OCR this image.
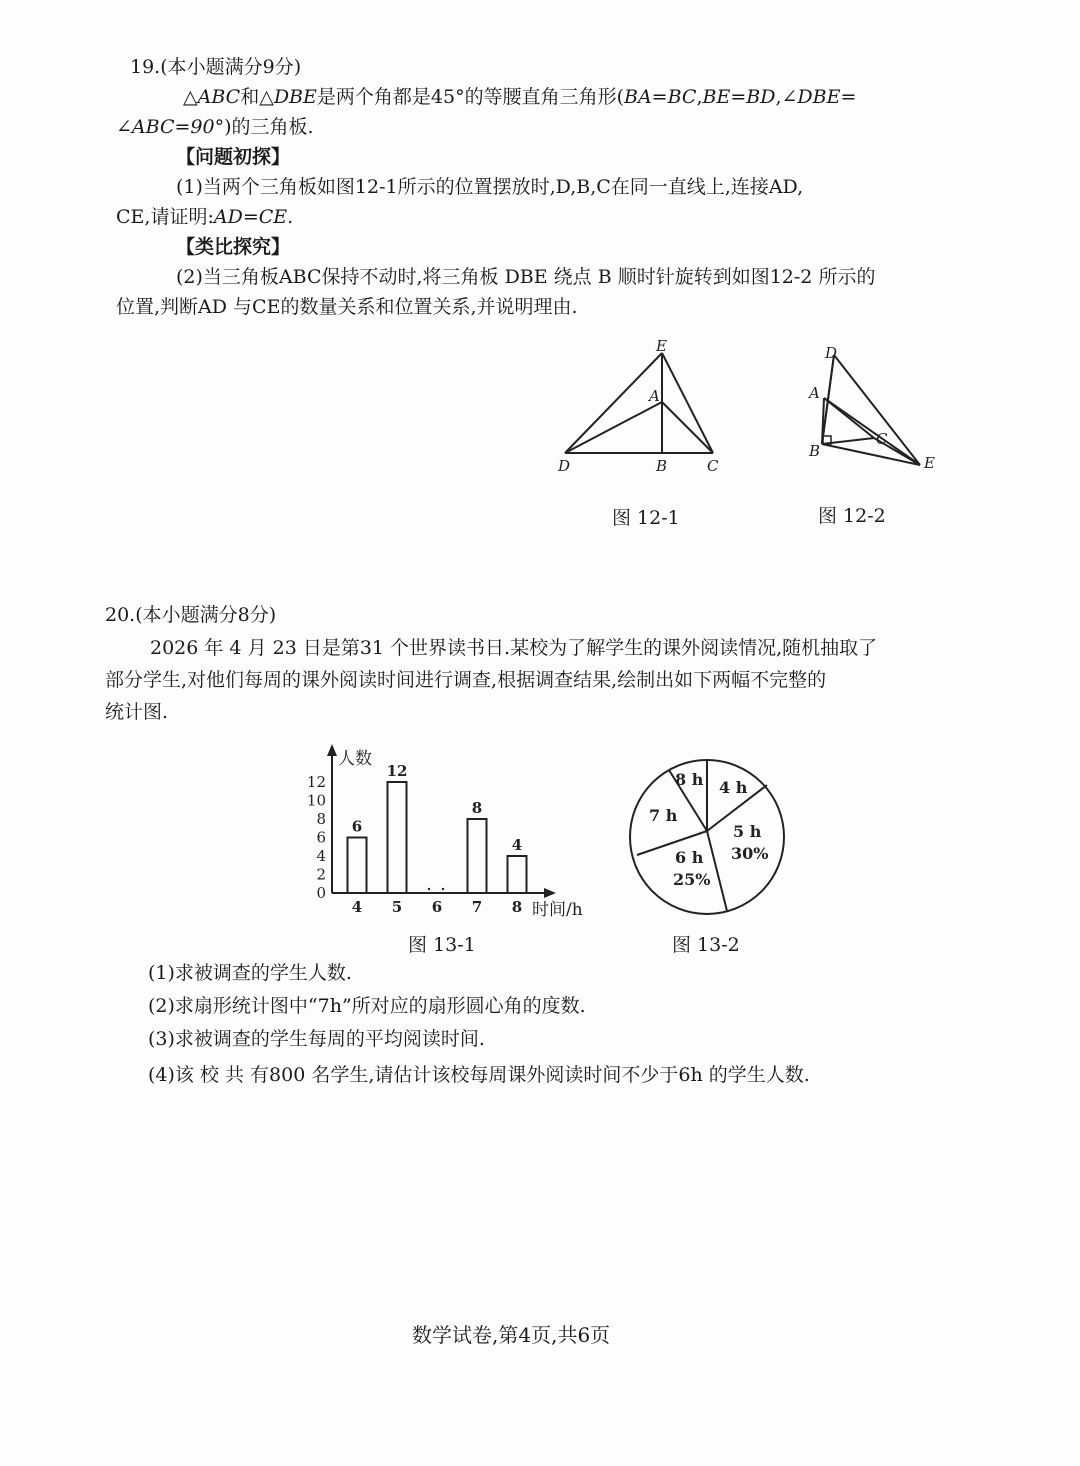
19.(本小题满分9分)
△ABC和△DBE是两个角都是45°的等腰直角三角形(BA=BC,BE=BD,∠DBE=
∠ABC=90°)的三角板.
【问题初探】
(1)当两个三角板如图12-1所示的位置摆放时,D,B,C在同一直线上,连接AD,
CE,请证明:AD=CE.
【类比探究】
(2)当三角板ABC保持不动时,将三角板 DBE 绕点 B 顺时针旋转到如图12-2 所示的
位置,判断AD 与CE的数量关系和位置关系,并说明理由.
E
A
D	B	C
图 12-1
D
A
B
C
E
图 12-2
20.(本小题满分8分)
2026 年 4 月 23 日是第31 个世界读书日.某校为了解学生的课外阅读情况,随机抽取了
部分学生,对他们每周的课外阅读时间进行调查,根据调查结果,绘制出如下两幅不完整的
统计图.
人数
时间/h
0
2
4
6
8
10
12
4
6
5
12
6 7
8
8
4
图 13-1
4 h
5 h
30%
6 h
25%
7 h
8 h
图 13-2
(1)求被调查的学生人数.
(2)求扇形统计图中“7h”所对应的扇形圆心角的度数.
(3)求被调查的学生每周的平均阅读时间.
(4)该 校 共 有800 名学生,请估计该校每周课外阅读时间不少于6h 的学生人数.
数学试卷,第4页,共6页
